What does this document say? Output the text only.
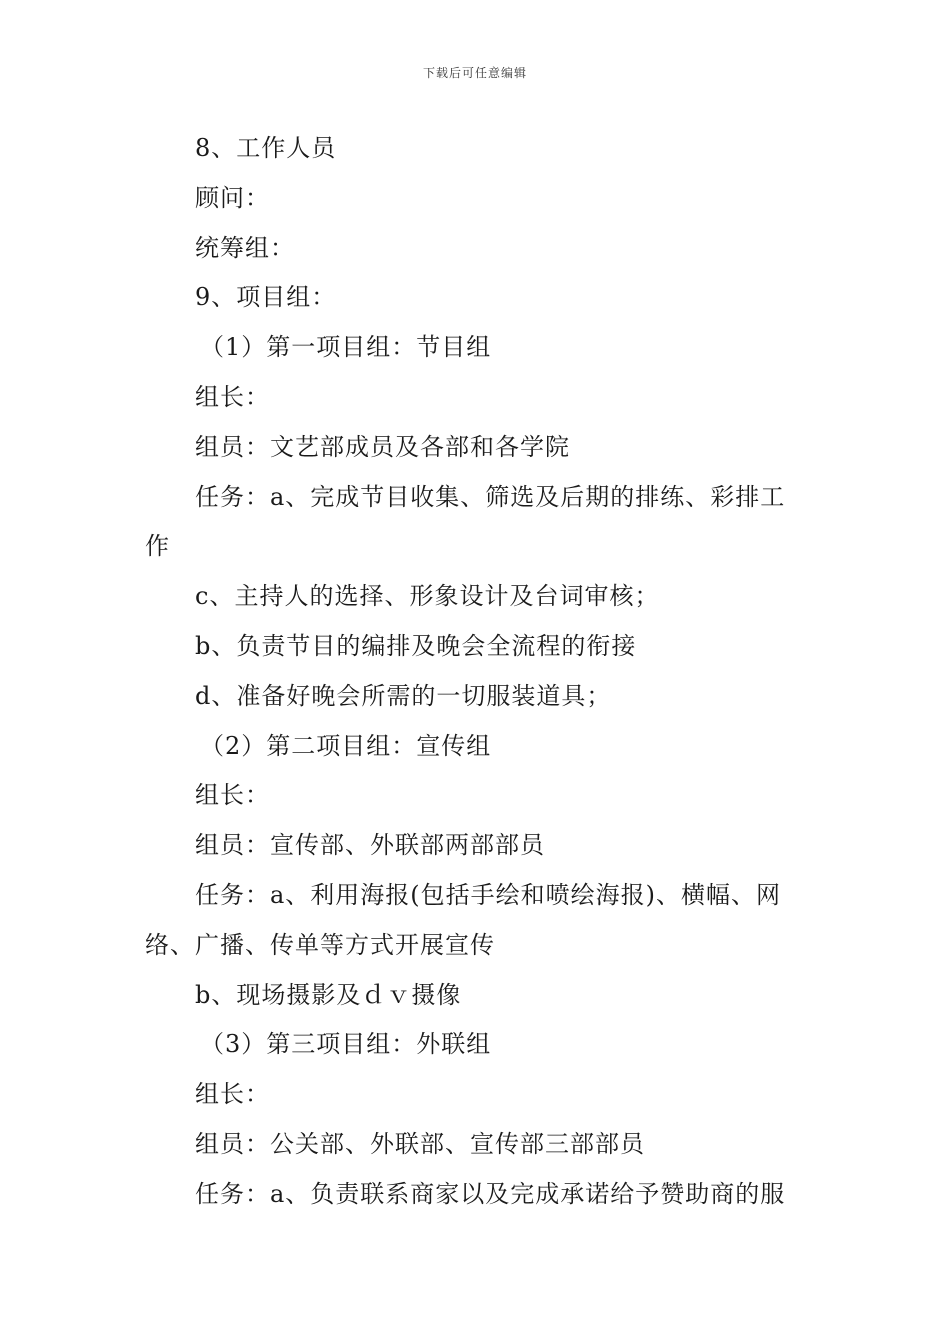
下载后可任意编辑
8、工作人员
顾问：
统筹组：
9、项目组：
（1）第一项目组：节目组
组长：
组员：文艺部成员及各部和各学院
任务：a、完成节目收集、筛选及后期的排练、彩排工
作
c、主持人的选择、形象设计及台词审核；
b、负责节目的编排及晚会全流程的衔接
d、准备好晚会所需的一切服装道具；
（2）第二项目组：宣传组
组长：
组员：宣传部、外联部两部部员
任务：a、利用海报(包括手绘和喷绘海报)、横幅、网
络、广播、传单等方式开展宣传
b、现场摄影及ｄｖ摄像
（3）第三项目组：外联组
组长：
组员：公关部、外联部、宣传部三部部员
任务：a、负责联系商家以及完成承诺给予赞助商的服
